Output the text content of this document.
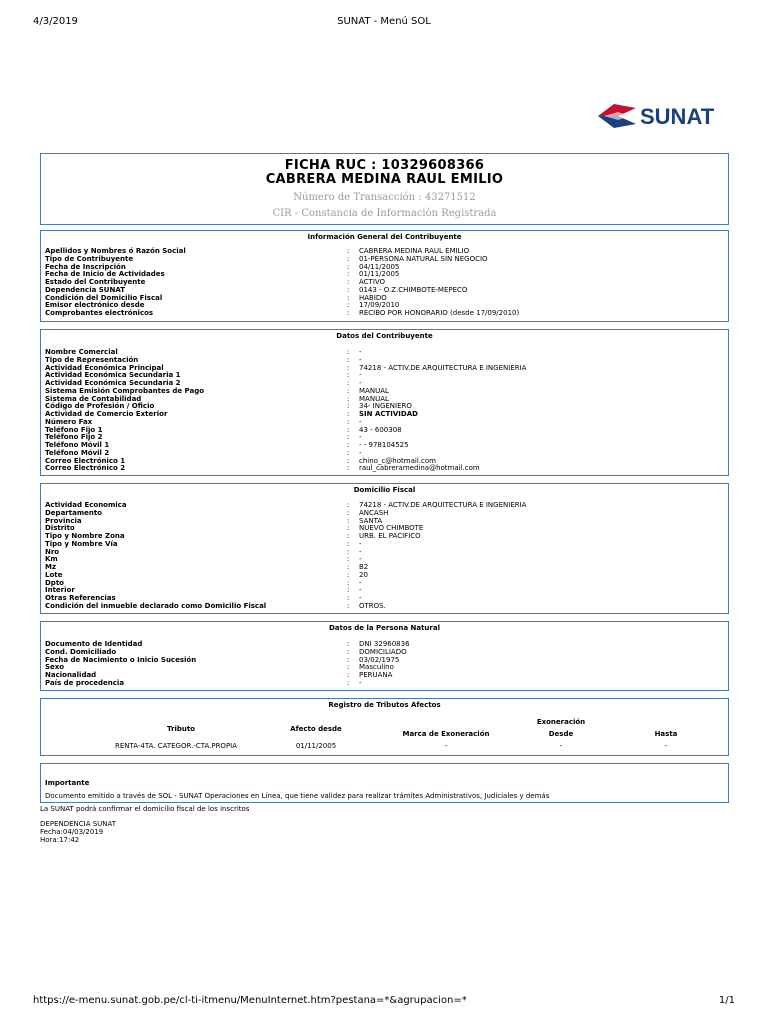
4/3/2019	SUNAT - Menú SOL
SUNAT
FICHA RUC : 10329608366
CABRERA MEDINA RAUL EMILIO
Número de Transacción : 43271512
CIR - Constancia de Información Registrada
Información General del Contribuyente
Apellidos y Nombres ó Razón Social	: CABRERA MEDINA RAUL EMILIO
Tipo de Contribuyente	: 01-PERSONA NATURAL SIN NEGOCIO
Fecha de Inscripción	: 04/11/2005
Fecha de Inicio de Actividades	: 01/11/2005
Estado del Contribuyente	: ACTIVO
Dependencia SUNAT	: 0143 - O.Z.CHIMBOTE-MEPECO
Condición del Domicilio Fiscal	: HABIDO
Emisor electrónico desde	: 17/09/2010
Comprobantes electrónicos	: RECIBO POR HONORARIO (desde 17/09/2010)
Datos del Contribuyente
Nombre Comercial	: -
Tipo de Representación	: -
Actividad Económica Principal	: 74218 - ACTIV.DE ARQUITECTURA E INGENIERIA
Actividad Económica Secundaria 1	: -
Actividad Económica Secundaria 2	: -
Sistema Emisión Comprobantes de Pago	: MANUAL
Sistema de Contabilidad	: MANUAL
Código de Profesión / Oficio	: 34- INGENIERO
Actividad de Comercio Exterior	: SIN ACTIVIDAD
Número Fax	: -
Teléfono Fijo 1	: 43 - 600308
Teléfono Fijo 2	: -
Teléfono Móvil 1	: - - 978104525
Teléfono Móvil 2	: -
Correo Electrónico 1	: chino_c@hotmail.com
Correo Electrónico 2	: raul_cabreramedina@hotmail.com
Domicilio Fiscal
Actividad Economica	: 74218 - ACTIV.DE ARQUITECTURA E INGENIERIA
Departamento	: ANCASH
Provincia	: SANTA
Distrito	: NUEVO CHIMBOTE
Tipo y Nombre Zona	: URB. EL PACIFICO
Tipo y Nombre Vía	: -
Nro	: -
Km	: -
Mz	: B2
Lote	: 20
Dpto	: -
Interior	: -
Otras Referencias	: -
Condición del inmueble declarado como Domicilio Fiscal	: OTROS.
Datos de la Persona Natural
Documento de Identidad	: DNI 32960836
Cond. Domiciliado	: DOMICILIADO
Fecha de Nacimiento o Inicio Sucesión	: 03/02/1975
Sexo	: Masculino
Nacionalidad	: PERUANA
País de procedencia	: -
Registro de Tributos Afectos
Tributo	Afecto desde
Exoneración
Marca de Exoneración	Desde	Hasta
RENTA-4TA. CATEGOR.-CTA.PROPIA	01/11/2005	-	-	-
Importante
Documento emitido a través de SOL - SUNAT Operaciones en Línea, que tiene validez para realizar trámites Administrativos, Judiciales y demás
La SUNAT podrá confirmar el domicilio fiscal de los inscritos
DEPENDENCIA SUNAT
Fecha:04/03/2019
Hora:17:42
https://e-menu.sunat.gob.pe/cl-ti-itmenu/MenuInternet.htm?pestana=*&agrupacion=*	1/1
